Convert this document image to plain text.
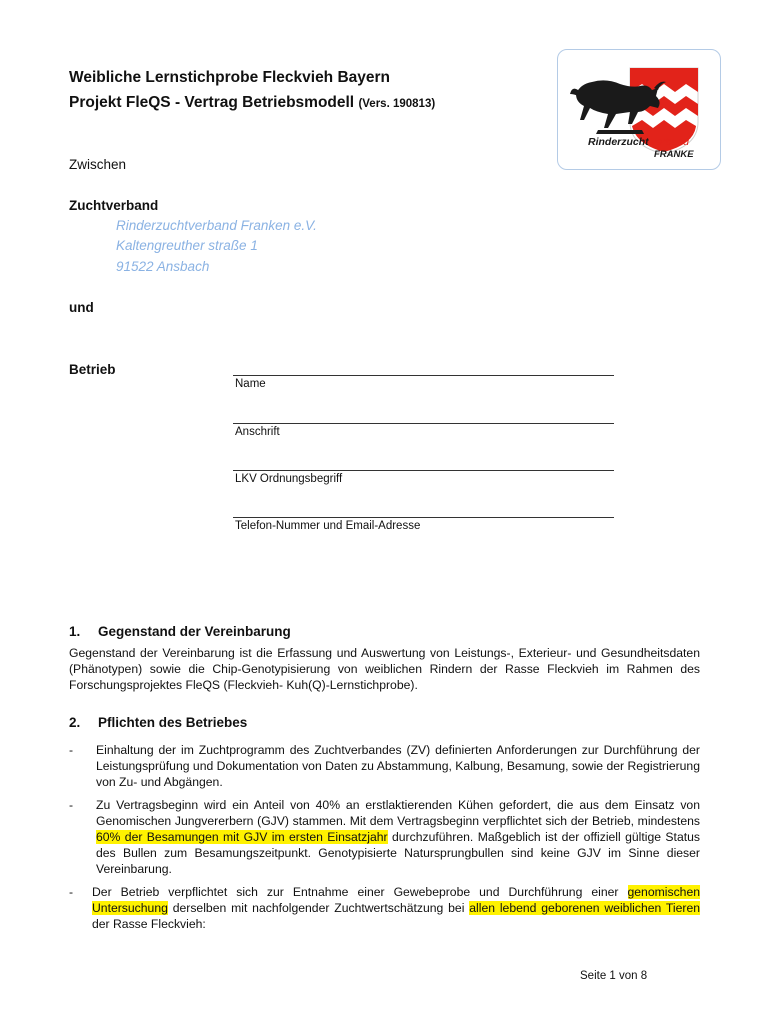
Rinderzucht verband
FRANKE
Weibliche Lernstichprobe Fleckvieh Bayern
Projekt FleQS - Vertrag Betriebsmodell (Vers. 190813)
Zwischen
Zuchtverband
Rinderzuchtverband Franken e.V.
Kaltengreuther straße 1
91522 Ansbach
und
Betrieb
Name
Anschrift
LKV Ordnungsbegriff
Telefon-Nummer und Email-Adresse
1. Gegenstand der Vereinbarung
Gegenstand der Vereinbarung ist die Erfassung und Auswertung von Leistungs-, Exterieur- und Gesundheitsdaten (Phänotypen) sowie die Chip-Genotypisierung von weiblichen Rindern der Rasse Fleckvieh im Rahmen des Forschungsprojektes FleQS (Fleckvieh- Kuh(Q)-Lernstichprobe).
2. Pflichten des Betriebes
- Einhaltung der im Zuchtprogramm des Zuchtverbandes (ZV) definierten Anforderungen zur Durchführung der Leistungsprüfung und Dokumentation von Daten zu Abstammung, Kalbung, Besamung, sowie der Registrierung von Zu- und Abgängen.
- Zu Vertragsbeginn wird ein Anteil von 40% an erstlaktierenden Kühen gefordert, die aus dem Einsatz von Genomischen Jungvererbern (GJV) stammen. Mit dem Vertragsbeginn verpflichtet sich der Betrieb, mindestens 60% der Besamungen mit GJV im ersten Einsatzjahr durchzuführen. Maßgeblich ist der offiziell gültige Status des Bullen zum Besamungszeitpunkt. Genotypisierte Natursprungbullen sind keine GJV im Sinne dieser Vereinbarung.
- Der Betrieb verpflichtet sich zur Entnahme einer Gewebeprobe und Durchführung einer genomischen Untersuchung derselben mit nachfolgender Zuchtwertschätzung bei allen lebend geborenen weiblichen Tieren der Rasse Fleckvieh:
Seite 1 von 8
